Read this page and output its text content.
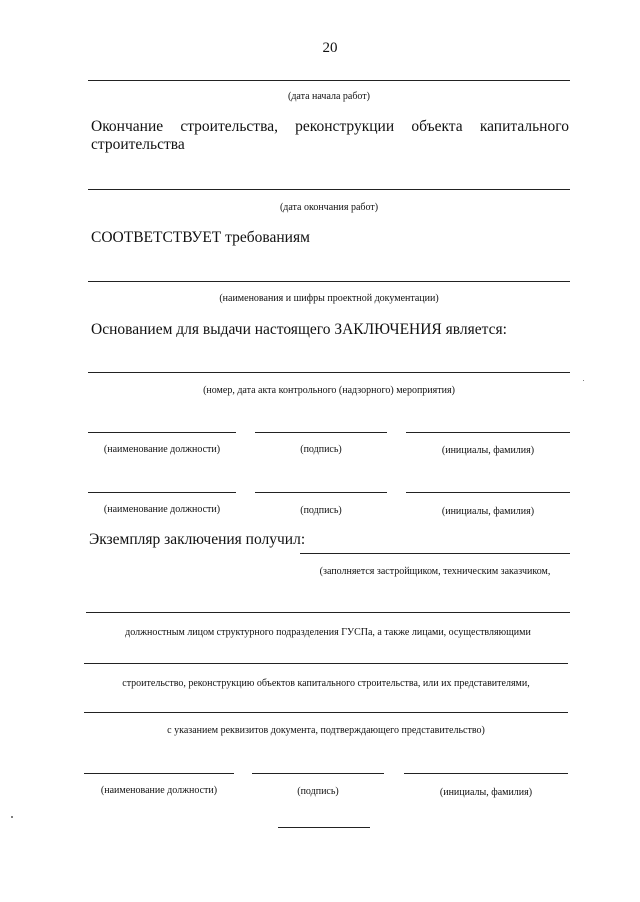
20
(дата начала работ)
Окончание строительства, реконструкции объекта капитального
строительства
(дата окончания работ)
СООТВЕТСТВУЕТ требованиям
(наименования и шифры проектной документации)
Основанием для выдачи настоящего ЗАКЛЮЧЕНИЯ является:
(номер, дата акта контрольного (надзорного) мероприятия)
(наименование должности)	(подпись)	(инициалы, фамилия)
(наименование должности)	(подпись)	(инициалы, фамилия)
Экземпляр заключения получил:
(заполняется застройщиком, техническим заказчиком,
должностным лицом структурного подразделения ГУСПа, а также лицами, осуществляющими
строительство, реконструкцию объектов капитального строительства, или их представителями,
с указанием реквизитов документа, подтверждающего представительство)
(наименование должности)	(подпись)	(инициалы, фамилия)
